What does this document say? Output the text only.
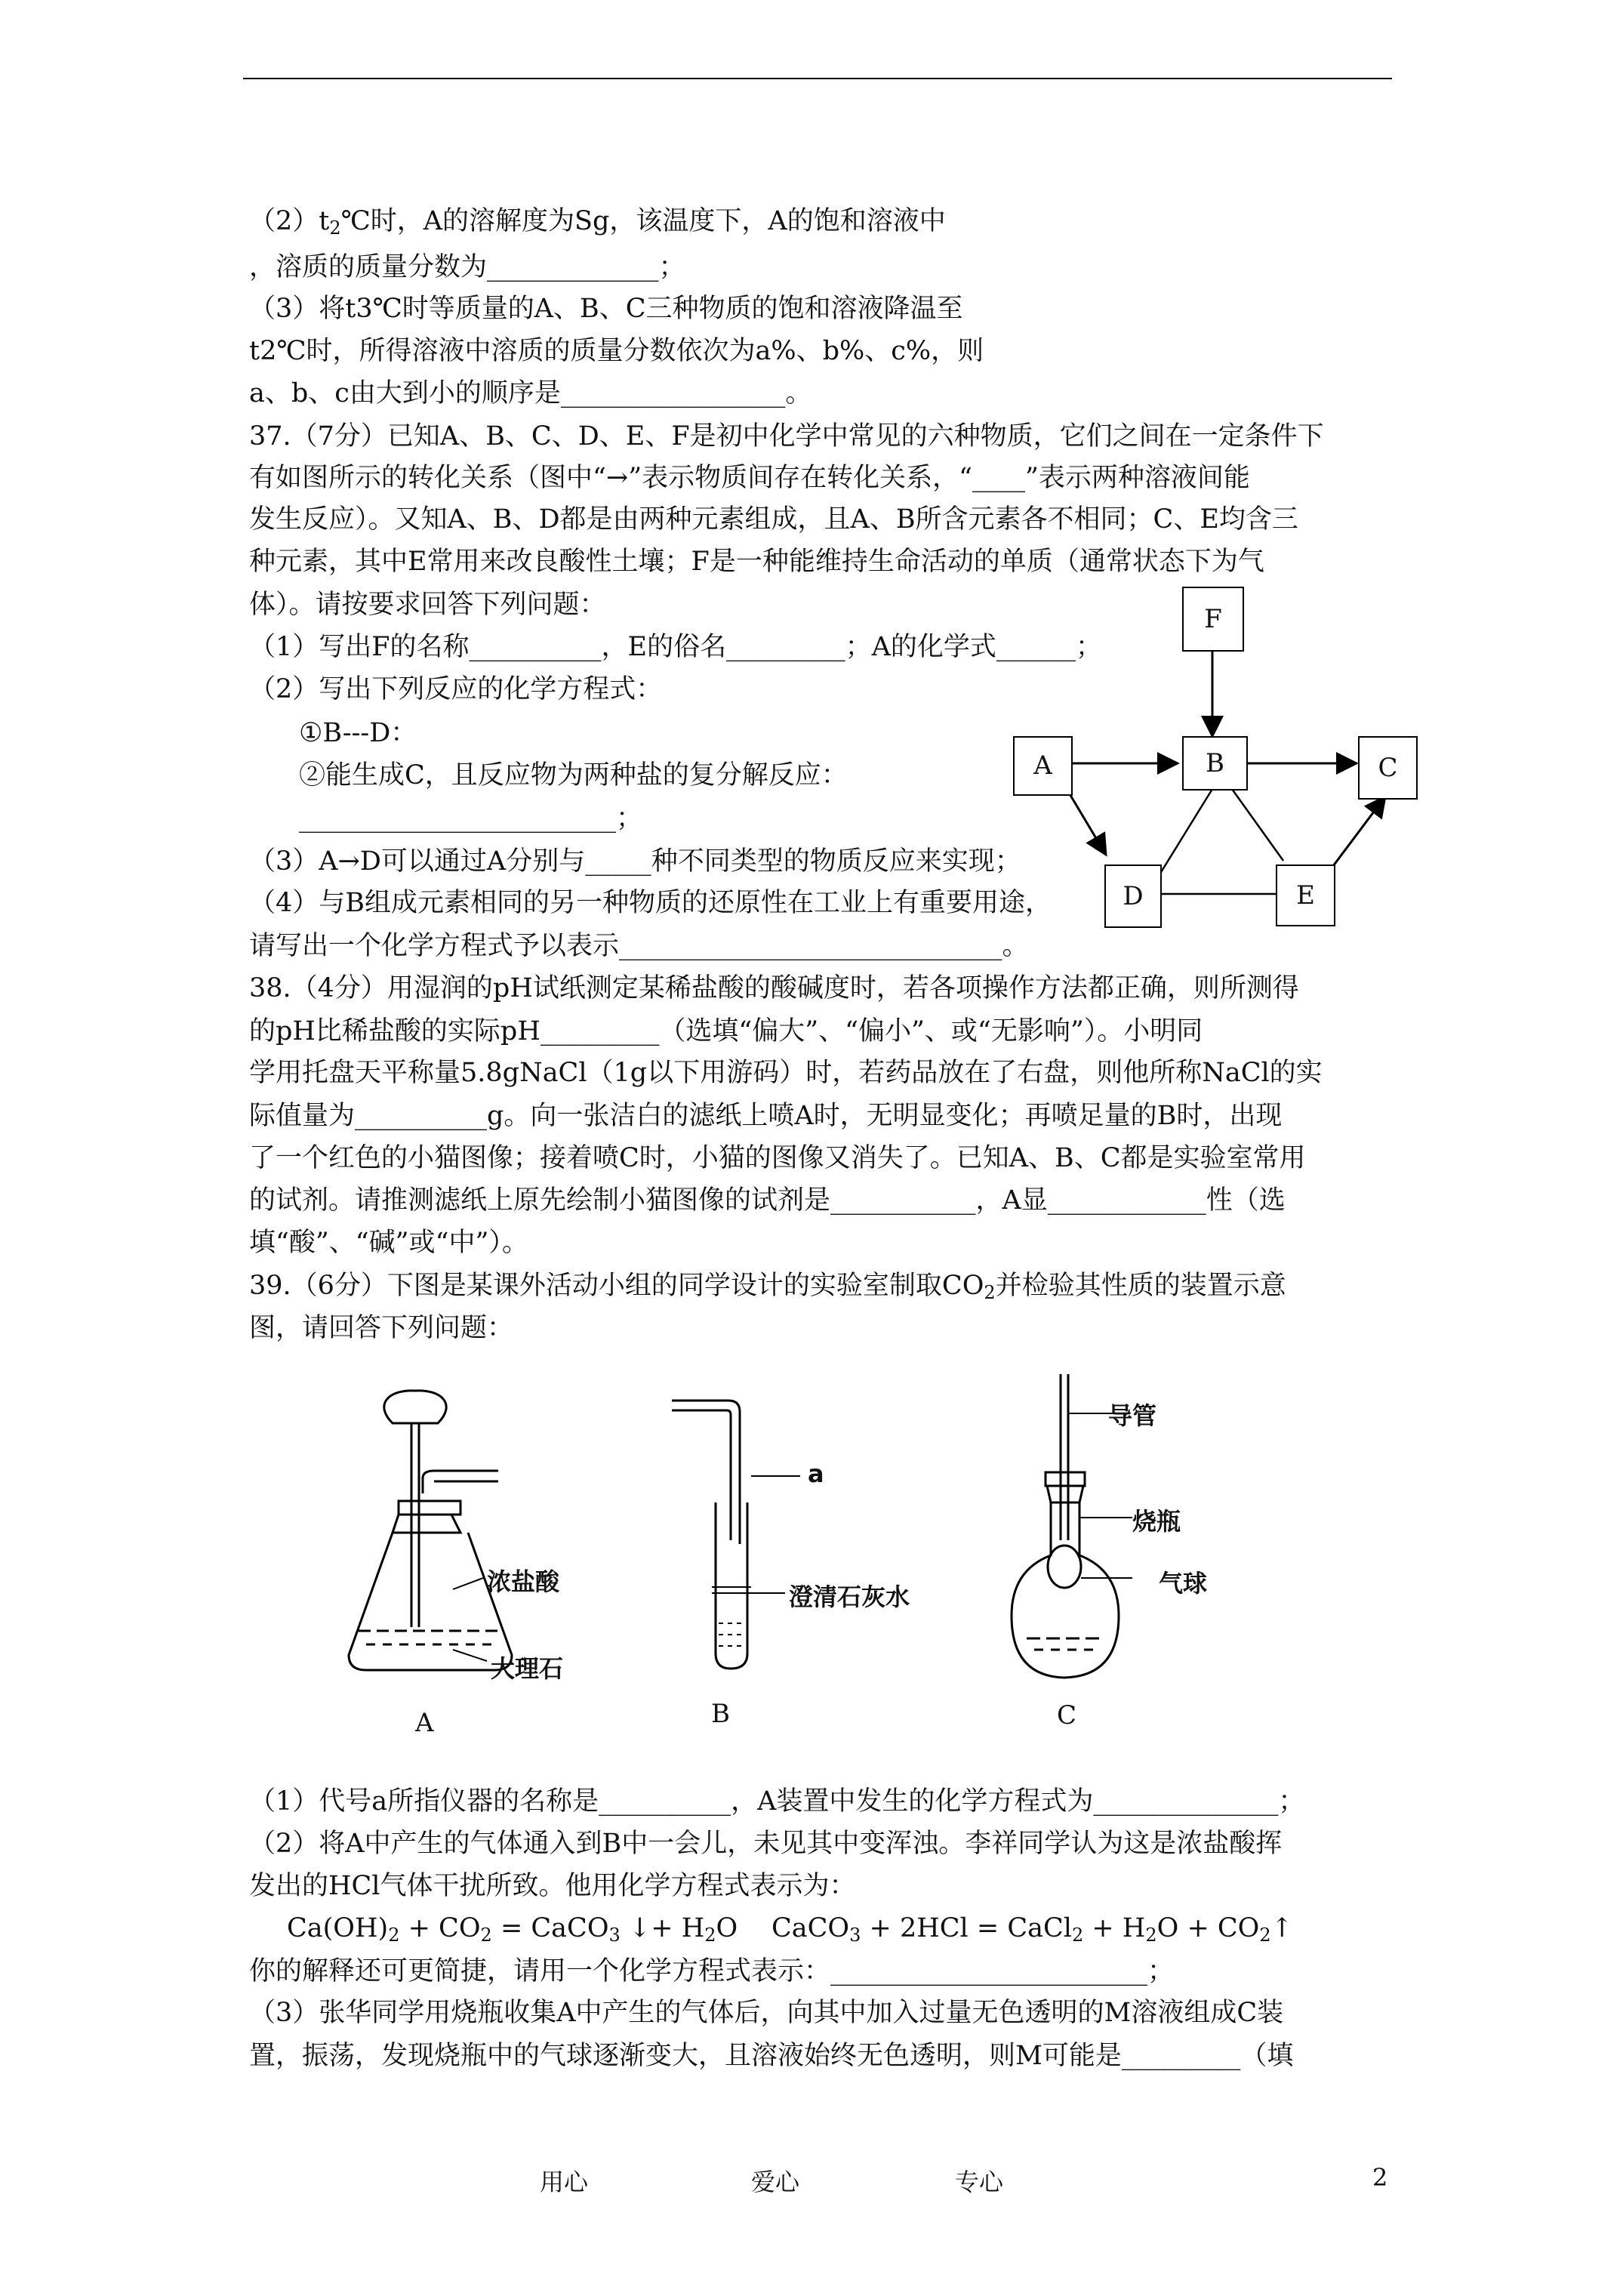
$(2)t_2℃$时，A的溶解度为Sg，该温度下，A的饱和溶液中
，溶质的质量分数为_____________；
（3）将t3℃时等质量的A、B、C三种物质的饱和溶液降温至
t2℃时，所得溶液中溶质的质量分数依次为a%、b%、c%，则
a、b、c由大到小的顺序是_________________。
37.（7分）已知A、B、C、D、E、F是初中化学中常见的六种物质，它们之间在一定条件下
有如图所示的转化关系（图中“→”表示物质间存在转化关系，“____”表示两种溶液间能
发生反应）。又知A、B、D都是由两种元素组成，且A、B所含元素各不相同；C、E均含三
种元素，其中E常用来改良酸性土壤；F是一种能维持生命活动的单质（通常状态下为气
体）。请按要求回答下列问题：
（1）写出F的名称__________，E的俗名_________；A的化学式______；
（2）写出下列反应的化学方程式：
①B---D：
②能生成C，且反应物为两种盐的复分解反应：
________________________；
（3）A→D可以通过A分别与_____种不同类型的物质反应来实现；
（4）与B组成元素相同的另一种物质的还原性在工业上有重要用途，
请写出一个化学方程式予以表示_____________________________。
38.（4分）用湿润的pH试纸测定某稀盐酸的酸碱度时，若各项操作方法都正确，则所测得
的pH比稀盐酸的实际pH_________（选填“偏大”、“偏小”、或“无影响”）。小明同
学用托盘天平称量5.8gNaCl（1g以下用游码）时，若药品放在了右盘，则他所称NaCl的实
际值量为__________g。向一张洁白的滤纸上喷A时，无明显变化；再喷足量的B时，出现
了一个红色的小猫图像；接着喷C时，小猫的图像又消失了。已知A、B、C都是实验室常用
的试剂。请推测滤纸上原先绘制小猫图像的试剂是___________，A显____________性（选
填“酸”、“碱”或“中”）。
39.（6分）下图是某课外活动小组的同学设计的实验室制取$CO_2$并检验其性质的装置示意
图，请回答下列问题：
（1）代号a所指仪器的名称是__________，A装置中发生的化学方程式为______________；
（2）将A中产生的气体通入到B中一会儿，未见其中变浑浊。李祥同学认为这是浓盐酸挥
发出的HCl气体干扰所致。他用化学方程式表示为：
$Ca(OH)_2 + CO_2$ = CaCO$_3$ ↓+ $H_2O$ CaCO$_3$ + 2HCl = CaCl$_2$ + $H_2O$ + $CO_2↑$
你的解释还可更简捷，请用一个化学方程式表示：________________________；
（3）张华同学用烧瓶收集A中产生的气体后，向其中加入过量无色透明的M溶液组成C装
置，振荡，发现烧瓶中的气球逐渐变大，且溶液始终无色透明，则M可能是_________（填
F
A	B	C
D	E
浓盐酸
大理石
a
澄清石灰水
导管
烧瓶
气球
A	B	C
用心	爱心	专心	2
